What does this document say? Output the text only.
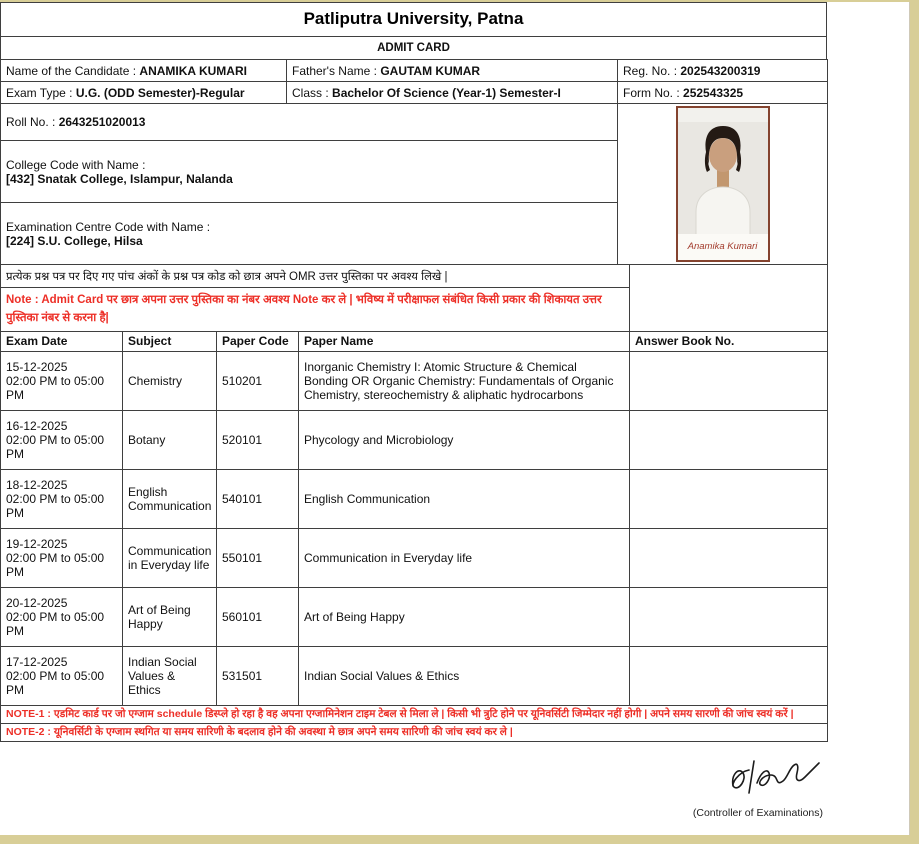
Patliputra University, Patna
ADMIT CARD
Name of the Candidate : ANAMIKA KUMARI	Father's Name : GAUTAM KUMAR	Reg. No. : 202543200319
Exam Type : U.G. (ODD Semester)-Regular	Class : Bachelor Of Science (Year-1) Semester-I	Form No. : 252543325
Roll No. : 2643251020013	
Anamika Kumari

College Code with Name :
[432] Snatak College, Islampur, Nalanda

Examination Centre Code with Name :
[224] S.U. College, Hilsa
प्रत्येक प्रश्न पत्र पर दिए गए पांच अंकों के प्रश्न पत्र कोड को छात्र अपने OMR उत्तर पुस्तिका पर अवश्य लिखे |	
Note : Admit Card पर छात्र अपना उत्तर पुस्तिका का नंबर अवश्य Note कर ले | भविष्य में परीक्षाफल संबंधित किसी प्रकार की शिकायत उत्तर पुस्तिका नंबर से करना है|
Exam Date	Subject	Paper Code	Paper Name	Answer Book No.

15-12-2025
02:00 PM to 05:00 PM	Chemistry	510201	Inorganic Chemistry I: Atomic Structure & Chemical Bonding OR Organic Chemistry: Fundamentals of Organic Chemistry, stereochemistry & aliphatic hydrocarbons	

16-12-2025
02:00 PM to 05:00 PM	Botany	520101	Phycology and Microbiology	

18-12-2025
02:00 PM to 05:00 PM	English Communication	540101	English Communication	

19-12-2025
02:00 PM to 05:00 PM	Communication in Everyday life	550101	Communication in Everyday life	

20-12-2025
02:00 PM to 05:00 PM	Art of Being Happy	560101	Art of Being Happy	

17-12-2025
02:00 PM to 05:00 PM	Indian Social Values & Ethics	531501	Indian Social Values & Ethics	
NOTE-1 : एडमिट कार्ड पर जो एग्जाम schedule डिस्प्ले हो रहा है वह अपना एग्जामिनेशन टाइम टेबल से मिला ले | किसी भी त्रुटि होने पर यूनिवर्सिटी जिम्मेदार नहीं होगी | अपने समय सारणी की जांच स्वयं करें |
NOTE-2 : यूनिवर्सिटी के एग्जाम स्थगित या समय सारिणी के बदलाव होने की अवस्था मे छात्र अपने समय सारिणी की जांच स्वयं कर ले |
(Controller of Examinations)
